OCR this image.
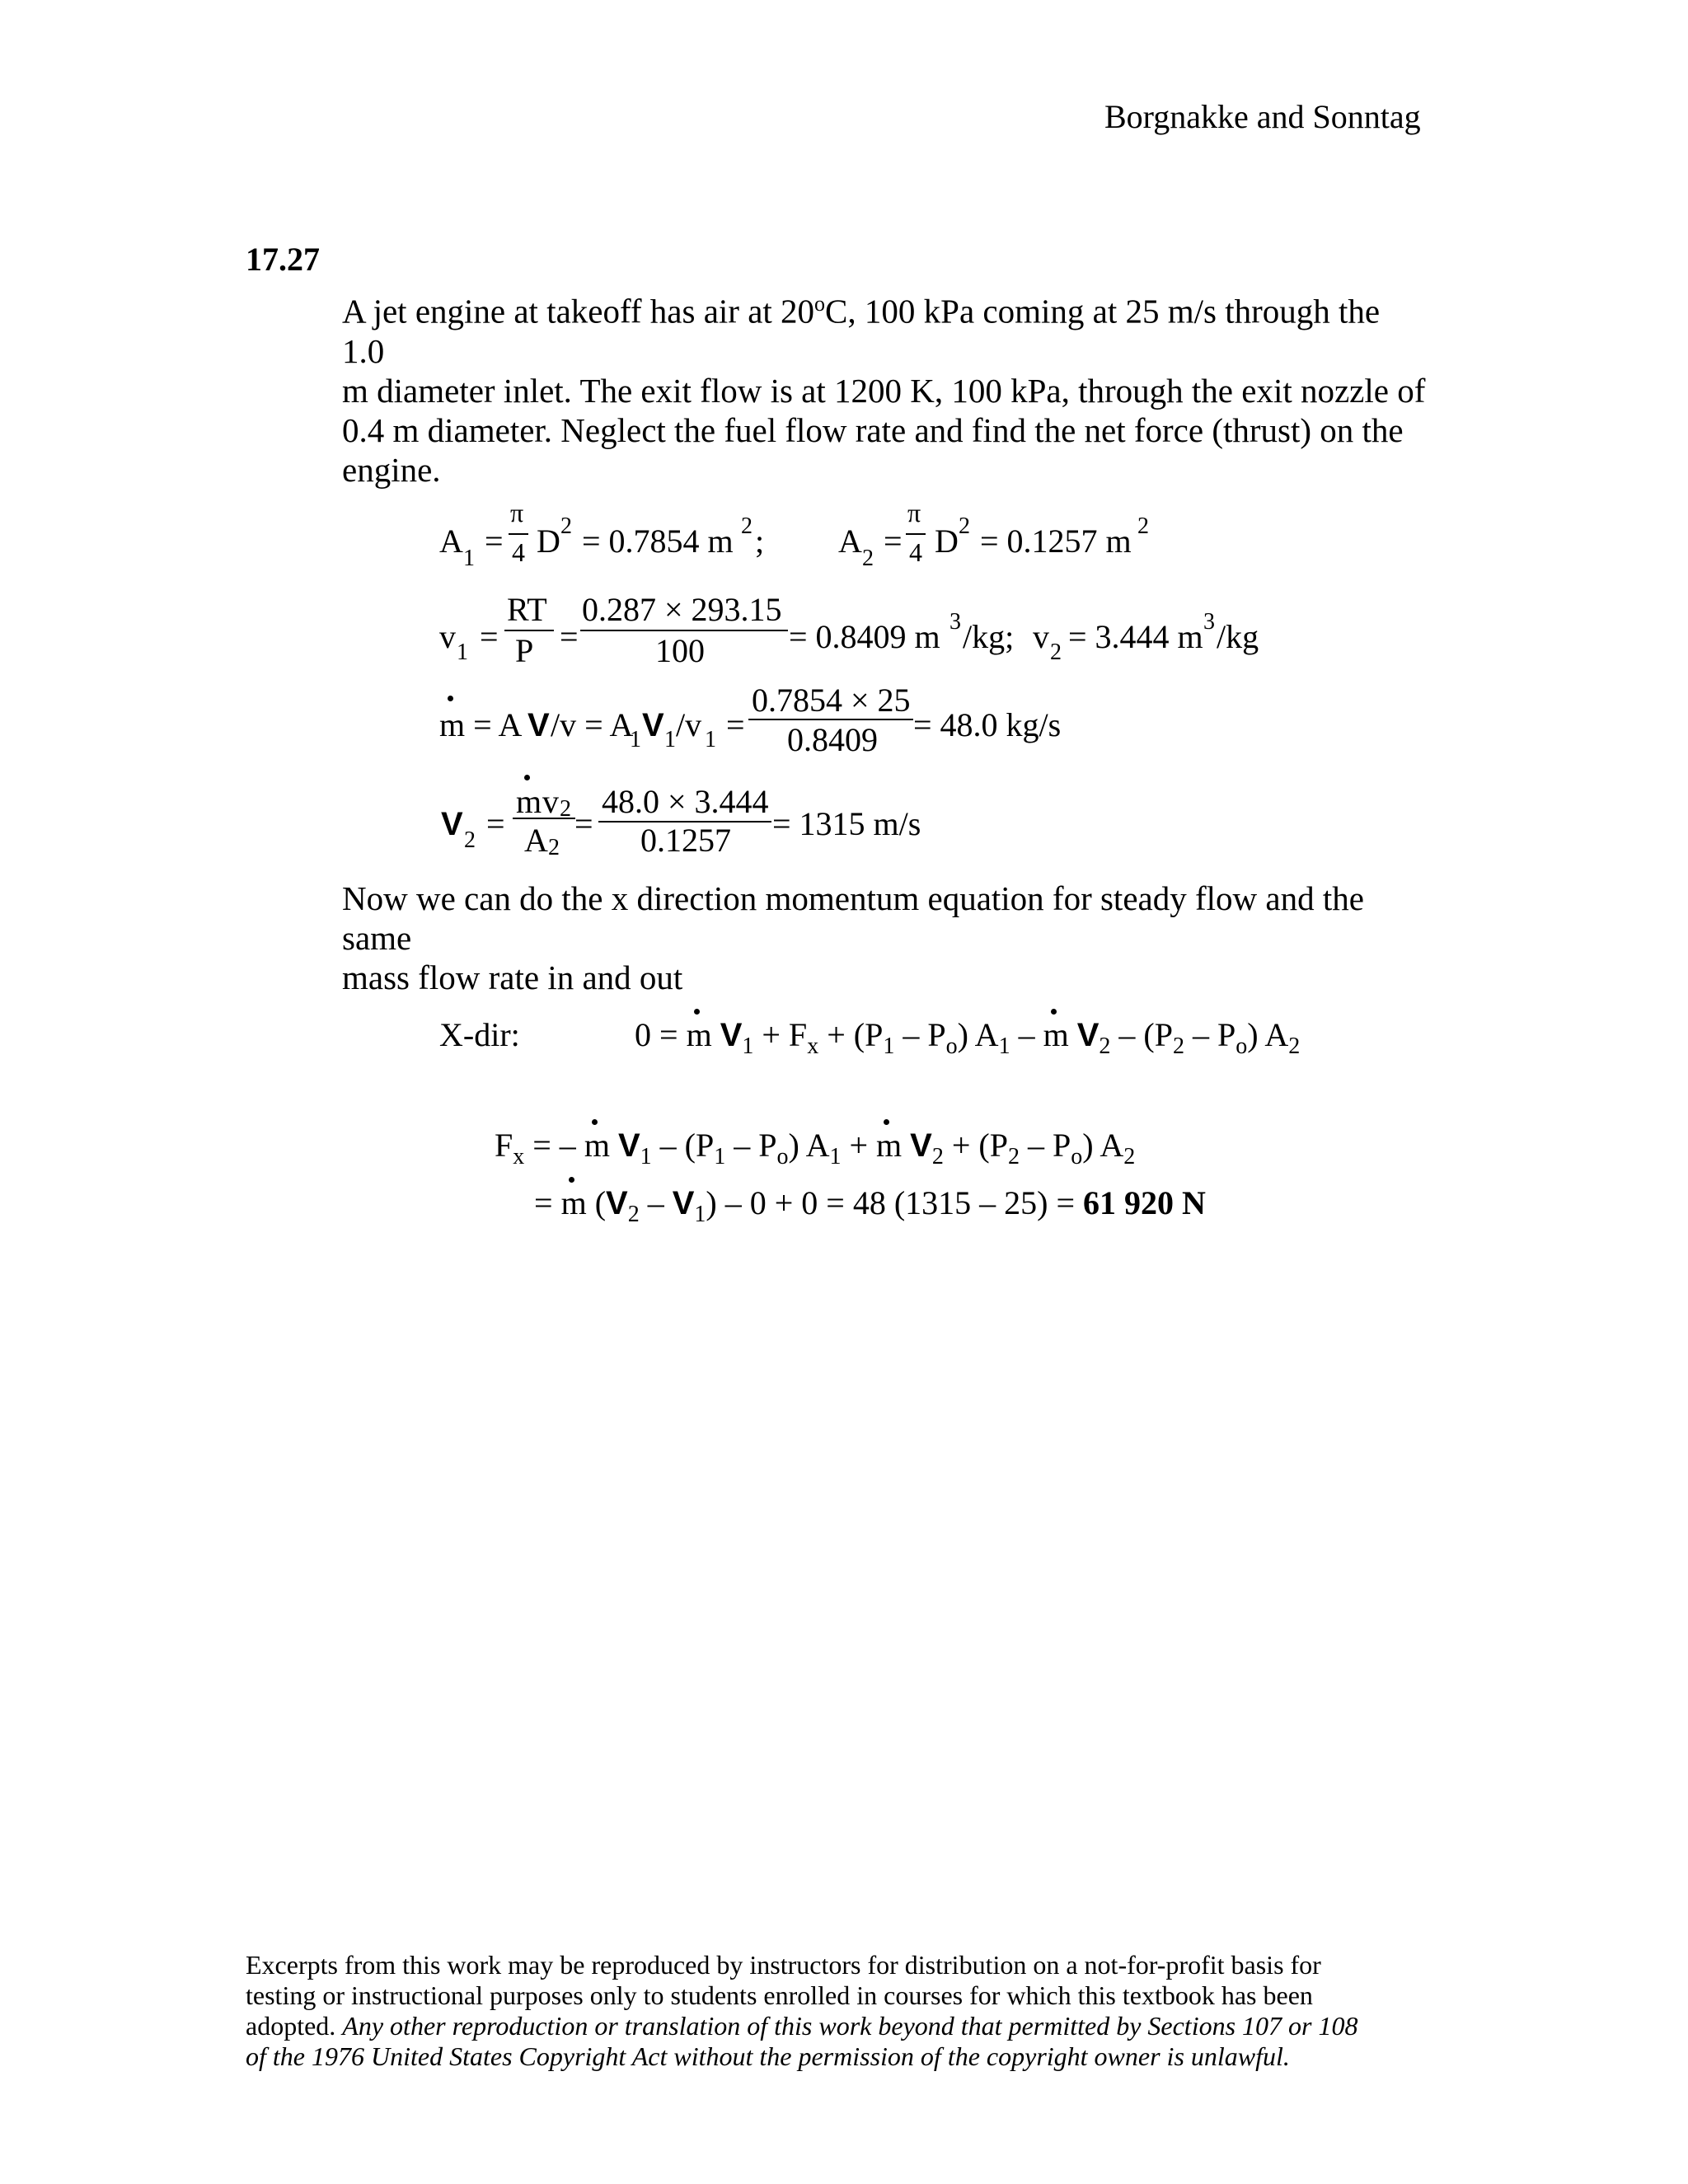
Borgnakke and Sonntag
17.27
A jet engine at takeoff has air at 20$^o$C, 100 kPa coming at 25 m/s through the 1.0
m diameter inlet. The exit flow is at 1200 K, 100 kPa, through the exit nozzle of
0.4 m diameter. Neglect the fuel flow rate and find the net force (thrust) on the
engine.
A 1 =
π
4 D 2 = 0.7854 m 2 ; A 2 =
π
4 D 2 = 0.1257 m 2
v 1 =
RT
P =
0.287 × 293.15
100	= 0.8409 m 3 /kg; v 2 = 3.444 m 3 /kg
m = A V /v = A
1 V 1 /v 1 =
0.7854 × 25
0.8409 = 48.0 kg/s
V 2 =
m v 2
A 2
=
48.0 × 3.444
0.1257 = 1315 m/s
Now we can do the x direction momentum equation for steady flow and the same
mass flow rate in and out
X-dir:	0 =
m $V_1 + F_x + (P_1 - P_o)$ $A_1$ –
m $V_2 - (P_2 - P_o)$ $A_2$
$F_x$ = –
m $V_1 - (P_1 - P_o) A_1$ +
m $V_2 + (P_2 - P_o)$ $A_2$
=
m $(V_2 - V_1) - 0 + 0 = 48$ (1315 – 25) = 61 920 N
Excerpts from this work may be reproduced by instructors for distribution on a not-for-profit basis for
testing or instructional purposes only to students enrolled in courses for which this textbook has been
adopted. Any other reproduction or translation of this work beyond that permitted by Sections 107 or 108
of the 1976 United States Copyright Act without the permission of the copyright owner is unlawful.
